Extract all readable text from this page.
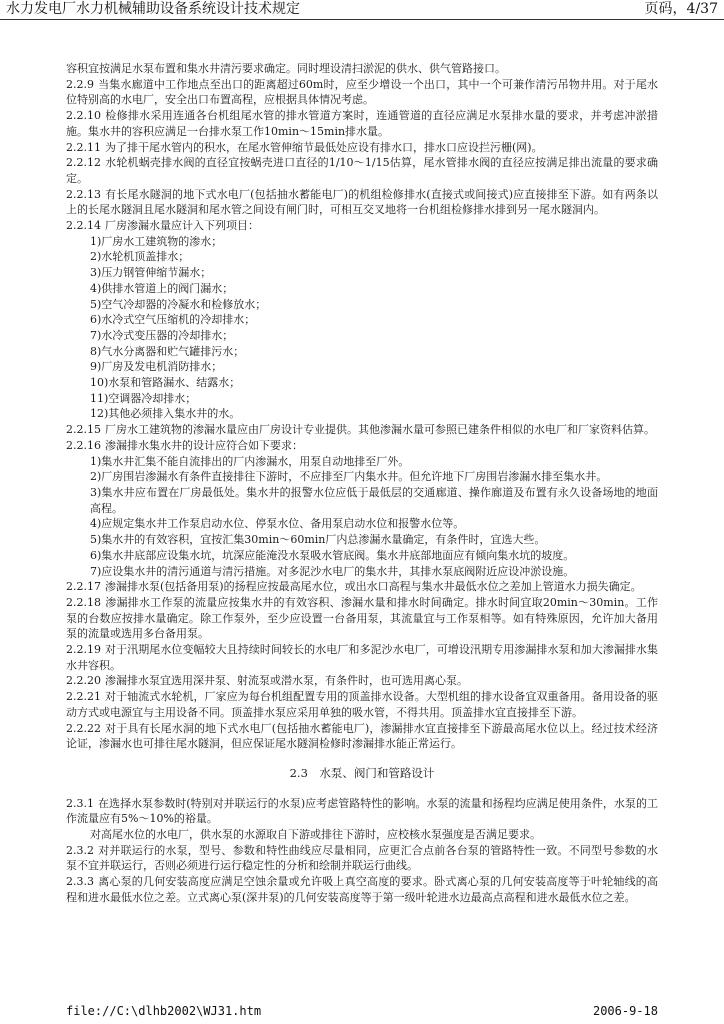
水力发电厂水力机械辅助设备系统设计技术规定	页码，4/37

容积宜按满足水泵布置和集水井清污要求确定。同时埋设清扫淤泥的供水、供气管路接口。

2.2.9 当集水廊道中工作地点至出口的距离超过60m时，应至少增设一个出口，其中一个可兼作清污吊物井用。对于尾水位特别高的水电厂，安全出口布置高程，应根据具体情况考虑。

2.2.10 检修排水采用连通各台机组尾水管的排水管道方案时，连通管道的直径应满足水泵排水量的要求，并考虑冲淤措施。集水井的容积应满足一台排水泵工作10min～15min排水量。

2.2.11 为了排干尾水管内的积水，在尾水管伸缩节最低处应设有排水口，排水口应设拦污栅(网)。

2.2.12 水轮机蜗壳排水阀的直径宜按蜗壳进口直径的1/10～1/15估算，尾水管排水阀的直径应按满足排出流量的要求确定。

2.2.13 有长尾水隧洞的地下式水电厂(包括抽水蓄能电厂)的机组检修排水(直接式或间接式)应直接排至下游。如有两条以上的长尾水隧洞且尾水隧洞和尾水管之间设有闸门时，可相互交叉地将一台机组检修排水排到另一尾水隧洞内。

2.2.14 厂房渗漏水量应计入下列项目：

1)厂房水工建筑物的渗水；

2)水轮机顶盖排水；

3)压力钢管伸缩节漏水；

4)供排水管道上的阀门漏水；

5)空气冷却器的冷凝水和检修放水；

6)水冷式空气压缩机的冷却排水；

7)水冷式变压器的冷却排水；

8)气水分离器和贮气罐排污水；

9)厂房及发电机消防排水；

10)水泵和管路漏水、结露水；

11)空调器冷却排水；

12)其他必须排入集水井的水。

2.2.15 厂房水工建筑物的渗漏水量应由厂房设计专业提供。其他渗漏水量可参照已建条件相似的水电厂和厂家资料估算。

2.2.16 渗漏排水集水井的设计应符合如下要求：

1)集水井汇集不能自流排出的厂内渗漏水，用泵自动地排至厂外。

2)厂房围岩渗漏水有条件直接排往下游时，不应排至厂内集水井。但允许地下厂房围岩渗漏水排至集水井。

3)集水井应布置在厂房最低处。集水井的报警水位应低于最低层的交通廊道、操作廊道及布置有永久设备场地的地面高程。

4)应规定集水井工作泵启动水位、停泵水位、备用泵启动水位和报警水位等。

5)集水井的有效容积，宜按汇集30min～60min厂内总渗漏水量确定，有条件时，宜选大些。

6)集水井底部应设集水坑，坑深应能淹没水泵吸水管底阀。集水井底部地面应有倾向集水坑的坡度。

7)应设集水井的清污通道与清污措施。对多泥沙水电厂的集水井，其排水泵底阀附近应设冲淤设施。

2.2.17 渗漏排水泵(包括备用泵)的扬程应按最高尾水位，或出水口高程与集水井最低水位之差加上管道水力损失确定。

2.2.18 渗漏排水工作泵的流量应按集水井的有效容积、渗漏水量和排水时间确定。排水时间宜取20min～30min。工作泵的台数应按排水量确定。除工作泵外，至少应设置一台备用泵，其流量宜与工作泵相等。如有特殊原因，允许加大备用泵的流量或选用多台备用泵。

2.2.19 对于汛期尾水位变幅较大且持续时间较长的水电厂和多泥沙水电厂，可增设汛期专用渗漏排水泵和加大渗漏排水集水井容积。

2.2.20 渗漏排水泵宜选用深井泵、射流泵或潜水泵，有条件时，也可选用离心泵。

2.2.21 对于轴流式水轮机，厂家应为每台机组配置专用的顶盖排水设备。大型机组的排水设备宜双重备用。备用设备的驱动方式或电源宜与主用设备不同。顶盖排水泵应采用单独的吸水管，不得共用。顶盖排水宜直接排至下游。

2.2.22 对于具有长尾水洞的地下式水电厂(包括抽水蓄能电厂)，渗漏排水宜直接排至下游最高尾水位以上。经过技术经济论证，渗漏水也可排往尾水隧洞，但应保证尾水隧洞检修时渗漏排水能正常运行。

2.3　水泵、阀门和管路设计

2.3.1 在选择水泵参数时(特别对并联运行的水泵)应考虑管路特性的影响。水泵的流量和扬程均应满足使用条件，水泵的工作流量应有5%～10%的裕量。

对高尾水位的水电厂，供水泵的水源取自下游或排往下游时，应校核水泵强度是否满足要求。

2.3.2 对并联运行的水泵，型号、参数和特性曲线应尽量相同，应更汇合点前各台泵的管路特性一致。不同型号参数的水泵不宜并联运行，否则必须进行运行稳定性的分析和绘制并联运行曲线。

2.3.3 离心泵的几何安装高度应满足空蚀余量或允许吸上真空高度的要求。卧式离心泵的几何安装高度等于叶轮轴线的高程和进水最低水位之差。立式离心泵(深井泵)的几何安装高度等于第一级叶轮进水边最高点高程和进水最低水位之差。

file://C:\dlhb2002\WJ31.htm	2006-9-18
